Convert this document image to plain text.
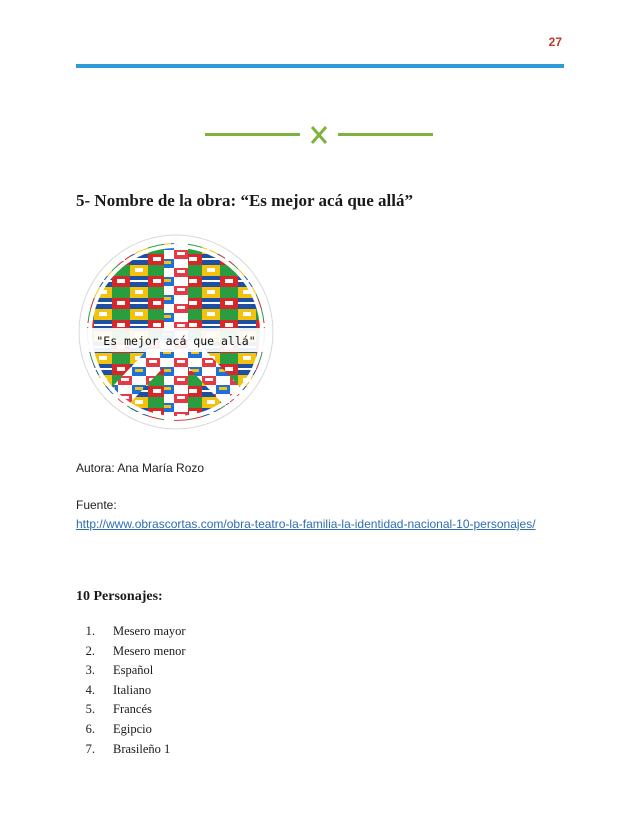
27
5- Nombre de la obra: “Es mejor acá que allá”
"Es mejor acá que allá"
Autora: Ana María Rozo
Fuente:
http://www.obrascortas.com/obra-teatro-la-familia-la-identidad-nacional-10-personajes/
10 Personajes:
1. Mesero mayor
2. Mesero menor
3. Español
4. Italiano
5. Francés
6. Egipcio
7. Brasileño 1
